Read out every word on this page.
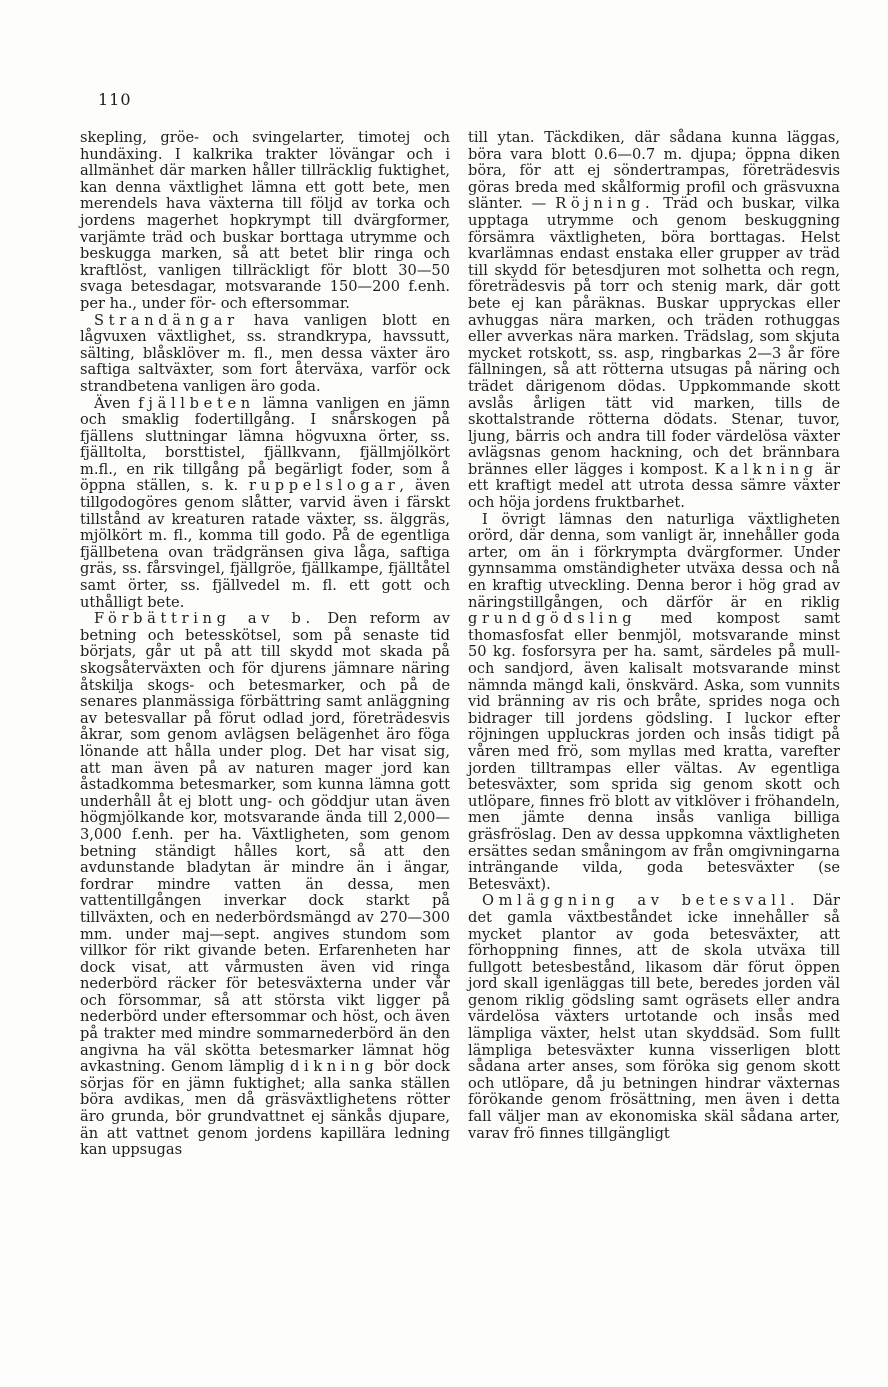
110

skepling, gröe- och svingelarter, timotej och hundäxing. I kalkrika trakter lövängar och i allmänhet där marken håller tillräcklig fuktighet, kan denna växtlighet lämna ett gott bete, men merendels hava växterna till följd av torka och jordens magerhet hopkrympt till dvärgformer, varjämte träd och buskar borttaga utrymme och beskugga marken, så att betet blir ringa och kraftlöst, vanligen tillräckligt för blott 30—50 svaga betesdagar, motsvarande 150—200 f.enh. per ha., under för- och eftersommar.

Strandängar hava vanligen blott en lågvuxen växtlighet, ss. strandkrypa, havssutt, sälting, blåsklöver m. fl., men dessa växter äro saftiga saltväxter, som fort återväxa, varför ock strandbetena vanligen äro goda.

Även fjällbeten lämna vanligen en jämn och smaklig fodertillgång. I snårskogen på fjällens sluttningar lämna högvuxna örter, ss. fjälltolta, borsttistel, fjällkvann, fjällmjölkört m.fl., en rik tillgång på begärligt foder, som å öppna ställen, s. k. ruppelslogar, även tillgodogöres genom slåtter, varvid även i färskt tillstånd av kreaturen ratade växter, ss. älggräs, mjölkört m. fl., komma till godo. På de egentliga fjällbetena ovan trädgränsen giva låga, saftiga gräs, ss. fårsvingel, fjällgröe, fjällkampe, fjälltåtel samt örter, ss. fjällvedel m. fl. ett gott och uthålligt bete.

Förbättring av b. Den reform av betning och betesskötsel, som på senaste tid börjats, går ut på att till skydd mot skada på skogsåterväxten och för djurens jämnare näring åtskilja skogs- och betesmarker, och på de senares planmässiga förbättring samt anläggning av betesvallar på förut odlad jord, företrädesvis åkrar, som genom avlägsen belägenhet äro föga lönande att hålla under plog. Det har visat sig, att man även på av naturen mager jord kan åstadkomma betesmarker, som kunna lämna gott underhåll åt ej blott ung- och göddjur utan även högmjölkande kor, motsvarande ända till 2,000—3,000 f.enh. per ha. Växtligheten, som genom betning ständigt hålles kort, så att den avdunstande bladytan är mindre än i ängar, fordrar mindre vatten än dessa, men vattentillgången inverkar dock starkt på tillväxten, och en nederbördsmängd av 270—300 mm. under maj—sept. angives stundom som villkor för rikt givande beten. Erfarenheten har dock visat, att vårmusten även vid ringa nederbörd räcker för betesväxterna under vår och försommar, så att största vikt ligger på nederbörd under eftersommar och höst, och även på trakter med mindre sommarnederbörd än den angivna ha väl skötta betesmarker lämnat hög avkastning. Genom lämplig dikning bör dock sörjas för en jämn fuktighet; alla sanka ställen böra avdikas, men då gräsväxtlighetens rötter äro grunda, bör grundvattnet ej sänkås djupare, än att vattnet genom jordens kapillära ledning kan uppsugas

till ytan. Täckdiken, där sådana kunna läggas, böra vara blott 0.6—0.7 m. djupa; öppna diken böra, för att ej söndertrampas, företrädesvis göras breda med skålformig profil och gräsvuxna slänter. — Röjning. Träd och buskar, vilka upptaga utrymme och genom beskuggning försämra växtligheten, böra borttagas. Helst kvarlämnas endast enstaka eller grupper av träd till skydd för betesdjuren mot solhetta och regn, företrädesvis på torr och stenig mark, där gott bete ej kan påräknas. Buskar uppryckas eller avhuggas nära marken, och träden rothuggas eller avverkas nära marken. Trädslag, som skjuta mycket rotskott, ss. asp, ringbarkas 2—3 år före fällningen, så att rötterna utsugas på näring och trädet därigenom dödas. Uppkommande skott avslås årligen tätt vid marken, tills de skottalstrande rötterna dödats. Stenar, tuvor, ljung, bärris och andra till foder värdelösa växter avlägsnas genom hackning, och det brännbara brännes eller lägges i kompost. Kalkning är ett kraftigt medel att utrota dessa sämre växter och höja jordens fruktbarhet.

I övrigt lämnas den naturliga växtligheten orörd, där denna, som vanligt är, innehåller goda arter, om än i förkrympta dvärgformer. Under gynnsamma omständigheter utväxa dessa och nå en kraftig utveckling. Denna beror i hög grad av näringstillgången, och därför är en riklig grundgödsling med kompost samt thomasfosfat eller benmjöl, motsvarande minst 50 kg. fosforsyra per ha. samt, särdeles på mull- och sandjord, även kalisalt motsvarande minst nämnda mängd kali, önskvärd. Aska, som vunnits vid bränning av ris och bråte, sprides noga och bidrager till jordens gödsling. I luckor efter röjningen uppluckras jorden och insås tidigt på våren med frö, som myllas med kratta, varefter jorden tilltrampas eller vältas. Av egentliga betesväxter, som sprida sig genom skott och utlöpare, finnes frö blott av vitklöver i fröhandeln, men jämte denna insås vanliga billiga gräsfröslag. Den av dessa uppkomna växtligheten ersättes sedan småningom av från omgivningarna inträngande vilda, goda betesväxter (se Betesväxt).

Omläggning av betesvall. Där det gamla växtbeståndet icke innehåller så mycket plantor av goda betesväxter, att förhoppning finnes, att de skola utväxa till fullgott betesbestånd, likasom där förut öppen jord skall igenläggas till bete, beredes jorden väl genom riklig gödsling samt ogräsets eller andra värdelösa växters urtotande och insås med lämpliga växter, helst utan skyddsäd. Som fullt lämpliga betesväxter kunna visserligen blott sådana arter anses, som föröka sig genom skott och utlöpare, då ju betningen hindrar växternas förökande genom frösättning, men även i detta fall väljer man av ekonomiska skäl sådana arter, varav frö finnes tillgängligt
